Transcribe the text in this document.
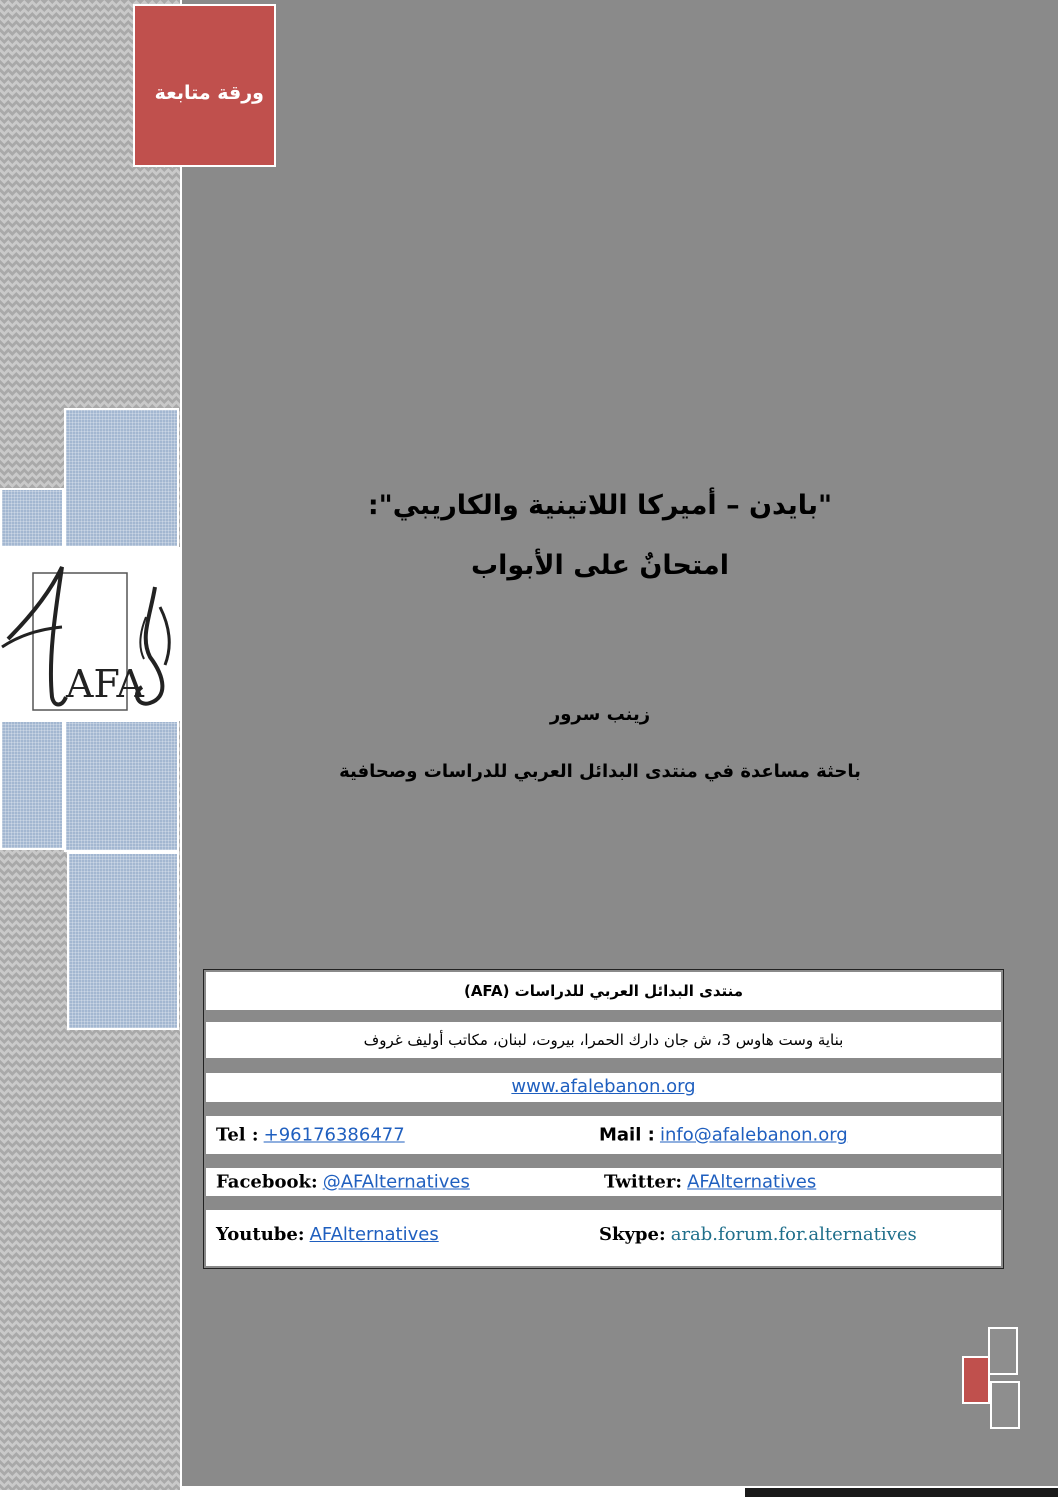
ورقة متابعة
AFA
"بايدن – أميركا اللاتينية والكاريبي":
امتحانٌ على الأبواب
زينب سرور
باحثة مساعدة في منتدى البدائل العربي للدراسات وصحافية
منتدى البدائل العربي للدراسات (AFA)
بناية وست هاوس 3، ش جان دارك الحمرا، بيروت، لبنان، مكاتب أوليف غروف
www.afalebanon.org
Tel : +96176386477	Mail : info@afalebanon.org
Facebook: @AFAlternatives	Twitter: AFAlternatives
Youtube: AFAlternatives	Skype: arab.forum.for.alternatives
